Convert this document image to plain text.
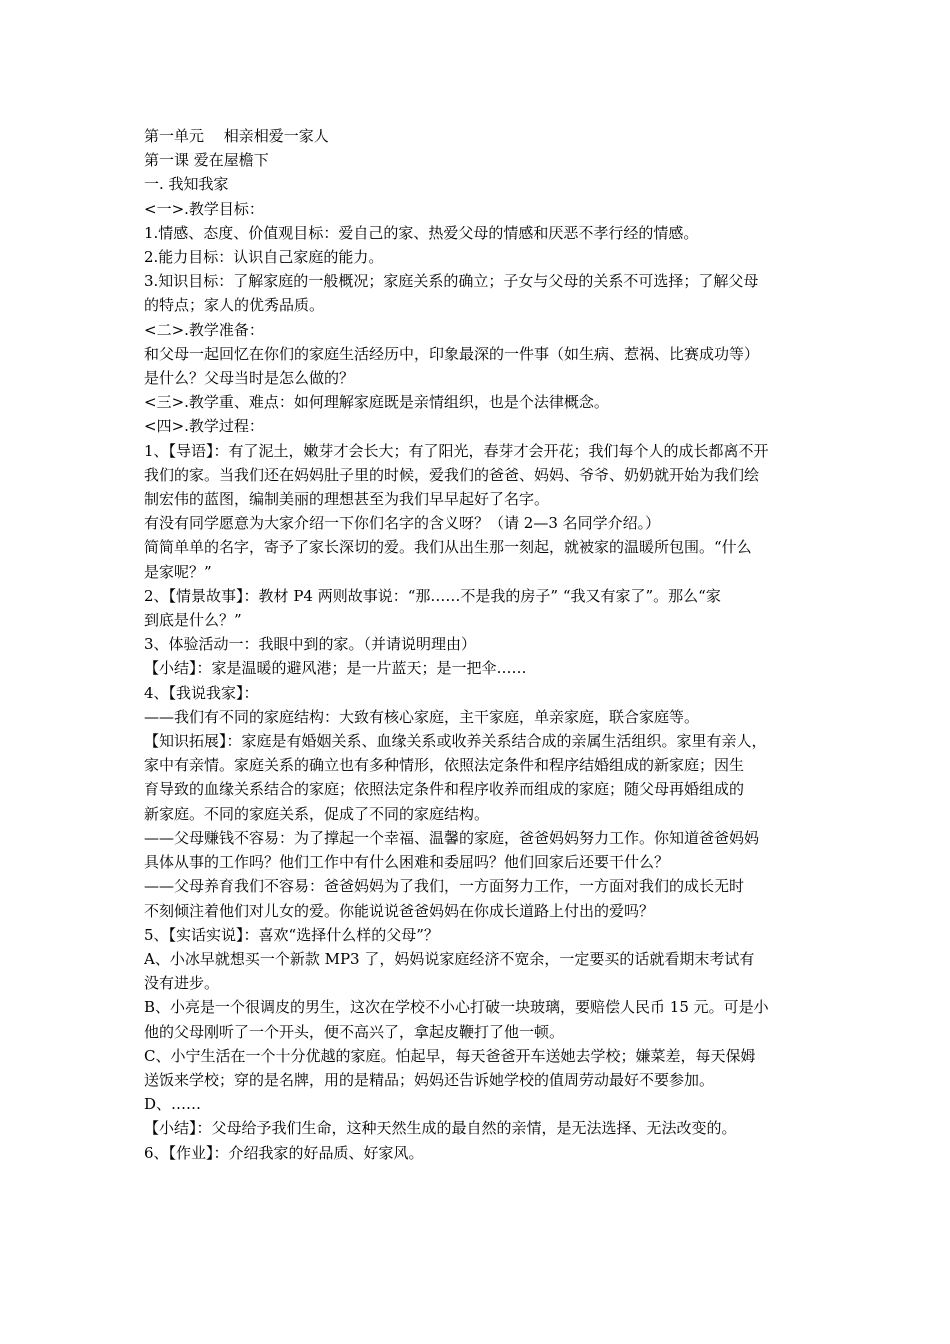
第一单元　 相亲相爱一家人
第一课 爱在屋檐下
一. 我知我家
<一>.教学目标：
1.情感、态度、价值观目标：爱自己的家、热爱父母的情感和厌恶不孝行经的情感。
2.能力目标：认识自己家庭的能力。
3.知识目标：了解家庭的一般概况；家庭关系的确立；子女与父母的关系不可选择；了解父母
的特点；家人的优秀品质。
<二>.教学准备：
和父母一起回忆在你们的家庭生活经历中，印象最深的一件事（如生病、惹祸、比赛成功等）
是什么？父母当时是怎么做的？
<三>.教学重、难点：如何理解家庭既是亲情组织，也是个法律概念。
<四>.教学过程：
1、【导语】：有了泥土，嫩芽才会长大；有了阳光，春芽才会开花；我们每个人的成长都离不开
我们的家。当我们还在妈妈肚子里的时候，爱我们的爸爸、妈妈、爷爷、奶奶就开始为我们绘
制宏伟的蓝图，编制美丽的理想甚至为我们早早起好了名字。
有没有同学愿意为大家介绍一下你们名字的含义呀？（请 2—3 名同学介绍。）
简简单单的名字，寄予了家长深切的爱。我们从出生那一刻起，就被家的温暖所包围。“什么
是家呢？”
2、【情景故事】：教材 P4 两则故事说：“那……不是我的房子” “我又有家了”。那么“家
到底是什么？”
3、体验活动一：我眼中到的家。（并请说明理由）
【小结】：家是温暖的避风港；是一片蓝天；是一把伞……
4、【我说我家】：
——我们有不同的家庭结构：大致有核心家庭，主干家庭，单亲家庭，联合家庭等。
【知识拓展】：家庭是有婚姻关系、血缘关系或收养关系结合成的亲属生活组织。家里有亲人，
家中有亲情。家庭关系的确立也有多种情形，依照法定条件和程序结婚组成的新家庭；因生
育导致的血缘关系结合的家庭；依照法定条件和程序收养而组成的家庭；随父母再婚组成的
新家庭。不同的家庭关系，促成了不同的家庭结构。
——父母赚钱不容易：为了撑起一个幸福、温馨的家庭，爸爸妈妈努力工作。你知道爸爸妈妈
具体从事的工作吗？他们工作中有什么困难和委屈吗？他们回家后还要干什么？
——父母养育我们不容易：爸爸妈妈为了我们，一方面努力工作，一方面对我们的成长无时
不刻倾注着他们对儿女的爱。你能说说爸爸妈妈在你成长道路上付出的爱吗？
5、【实话实说】：喜欢“选择什么样的父母”？
A、小冰早就想买一个新款 MP3 了，妈妈说家庭经济不宽余，一定要买的话就看期末考试有
没有进步。
B、小亮是一个很调皮的男生，这次在学校不小心打破一块玻璃，要赔偿人民币 15 元。可是小
他的父母刚听了一个开头，便不高兴了，拿起皮鞭打了他一顿。
C、小宁生活在一个十分优越的家庭。怕起早，每天爸爸开车送她去学校；嫌菜差，每天保姆
送饭来学校；穿的是名牌，用的是精品；妈妈还告诉她学校的值周劳动最好不要参加。
D、……
【小结】：父母给予我们生命，这种天然生成的最自然的亲情，是无法选择、无法改变的。
6、【作业】：介绍我家的好品质、好家风。
